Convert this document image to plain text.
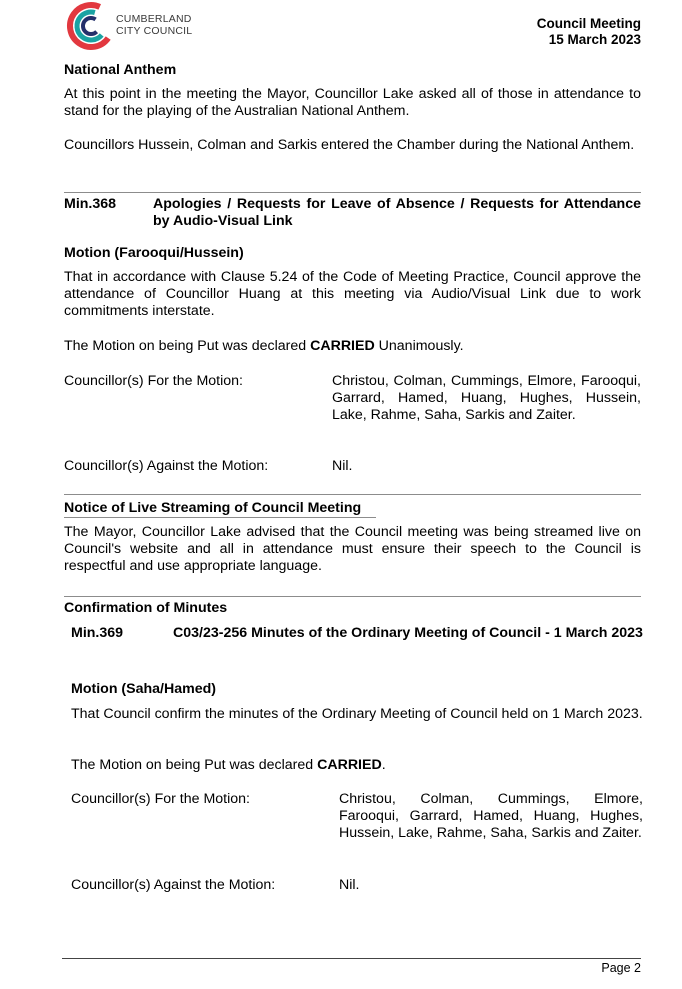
CUMBERLAND
CITY COUNCIL	Council Meeting
15 March 2023
National Anthem
At this point in the meeting the Mayor, Councillor Lake asked all of those in attendance to stand for the playing of the Australian National Anthem.
Councillors Hussein, Colman and Sarkis entered the Chamber during the National Anthem.
Min.368	Apologies / Requests for Leave of Absence / Requests for Attendance by Audio-Visual Link
Motion (Farooqui/Hussein)
That in accordance with Clause 5.24 of the Code of Meeting Practice, Council approve the attendance of Councillor Huang at this meeting via Audio/Visual Link due to work commitments interstate.
The Motion on being Put was declared CARRIED Unanimously.
Councillor(s) For the Motion:	Christou, Colman, Cummings, Elmore, Farooqui, Garrard, Hamed, Huang, Hughes, Hussein, Lake, Rahme, Saha, Sarkis and Zaiter.
Councillor(s) Against the Motion:	Nil.
Notice of Live Streaming of Council Meeting
The Mayor, Councillor Lake advised that the Council meeting was being streamed live on Council's website and all in attendance must ensure their speech to the Council is respectful and use appropriate language.
Confirmation of Minutes
Min.369	C03/23-256 Minutes of the Ordinary Meeting of Council - 1 March 2023
Motion (Saha/Hamed)
That Council confirm the minutes of the Ordinary Meeting of Council held on 1 March 2023.
The Motion on being Put was declared CARRIED.
Councillor(s) For the Motion:	Christou, Colman, Cummings, Elmore, Farooqui, Garrard, Hamed, Huang, Hughes, Hussein, Lake, Rahme, Saha, Sarkis and Zaiter.
Councillor(s) Against the Motion:	Nil.
Page 2
